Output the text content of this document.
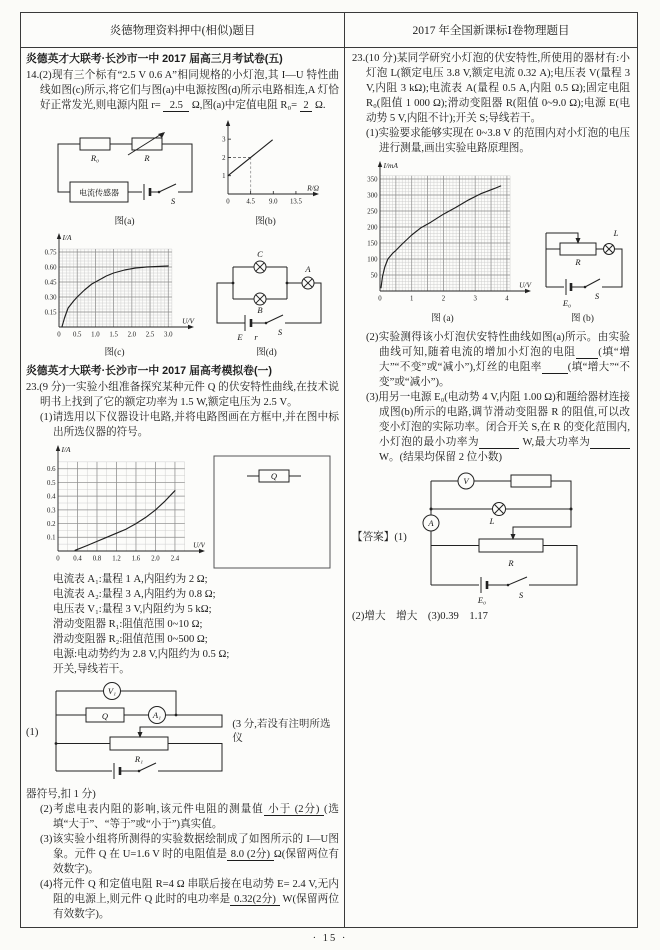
炎德物理资料押中(相似)题目	2017 年全国新课标Ⅰ卷物理题目
炎德英才大联考·长沙市一中 2017 届高三月考试卷(五)
14.(2)现有三个标有“2.5 V 0.6 A”相同规格的小灯泡,其 I—U 特性曲线如图(c)所示,将它们与图(a)中电源按图(d)所示电路相连,A 灯恰好正常发光,则电源内阻 r=   2.5   Ω,图(a)中定值电阻 R₀=  2  Ω.
R₀	R
电流传感器
S
图(a)
0 4.5 9.0 13.5
1
2
3
R/Ω
图(b)
0 0.5 1.0 1.5 2.0 2.5 3.0
0.15
0.30
0.45
0.60
0.75
U/V
I/A
图(c)
C
B
A
E r S
图(d)
炎德英才大联考·长沙市一中 2017 届高考模拟卷(一)
23.(9 分)一实验小组准备探究某种元件 Q 的伏安特性曲线,在技术说明书上找到了它的额定功率为 1.5 W,额定电压为 2.5 V。
(1)请选用以下仪器设计电路,并将电路图画在方框中,并在图中标出所选仪器的符号。
0 0.4 0.8 1.2 1.6 2.0 2.4
0.1
0.2
0.3
0.4
0.5
0.6
U/V
I/A
Q
电流表 A₁:量程 1 A,内阻约为 2 Ω;
电流表 A₂:量程 3 A,内阻约为 0.8 Ω;
电压表 V₁:量程 3 V,内阻约为 5 kΩ;
滑动变阻器 R₁:阻值范围 0~10 Ω;
滑动变阻器 R₂:阻值范围 0~500 Ω;
电源:电动势约为 2.8 V,内阻约为 0.5 Ω;
开关,导线若干。
(1)
V₁
Q	A₁
R₁
(3 分,若没有注明所选仪
器符号,扣 1 分)
(2)考虑电表内阻的影响,该元件电阻的测量值 小于 (2分) (选填“大于”、“等于”或“小于”)真实值。
(3)该实验小组将所测得的实验数据绘制成了如图所示的 I—U图象。元件 Q 在 U=1.6 V 时的电阻值是 8.0 (2分) Ω(保留两位有效数字)。
(4)将元件 Q 和定值电阻 R=4 Ω 串联后接在电动势 E= 2.4 V,无内阻的电源上,则元件 Q 此时的电功率是 0.32(2分)  W(保留两位有效数字)。
23.(10 分)某同学研究小灯泡的伏安特性,所使用的器材有:小灯泡 L(额定电压 3.8 V,额定电流 0.32 A);电压表 V(量程 3 V,内阻 3 kΩ);电流表 A(量程 0.5 A,内阻 0.5 Ω);固定电阻 R₀(阻值 1 000 Ω);滑动变阻器 R(阻值 0~9.0 Ω);电源 E(电动势 5 V,内阻不计);开关 S;导线若干。
(1)实验要求能够实现在 0~3.8 V 的范围内对小灯泡的电压进行测量,画出实验电路原理图。
0	1	2	3	4
50
100
150
200
250
300
350
U/V
I/mA
图 (a)
L
R
E₀
S
图 (b)
(2)实验测得该小灯泡伏安特性曲线如图(a)所示。由实验曲线可知,随着电流的增加小灯泡的电阻 (填“增大”“不变”或“减小”),灯丝的电阻率 (填“增大”“不变”或“减小”)。
(3)用另一电源 E₀(电动势 4 V,内阻 1.00 Ω)和题给器材连接成图(b)所示的电路,调节滑动变阻器 R 的阻值,可以改变小灯泡的实际功率。闭合开关 S,在 R 的变化范围内,小灯泡的最小功率为	W,最大功率为             W。(结果均保留 2 位小数)
【答案】(1)
A
V
L
R
E₀	S
(2)增大　增大　(3)0.39　1.17
· 15 ·
